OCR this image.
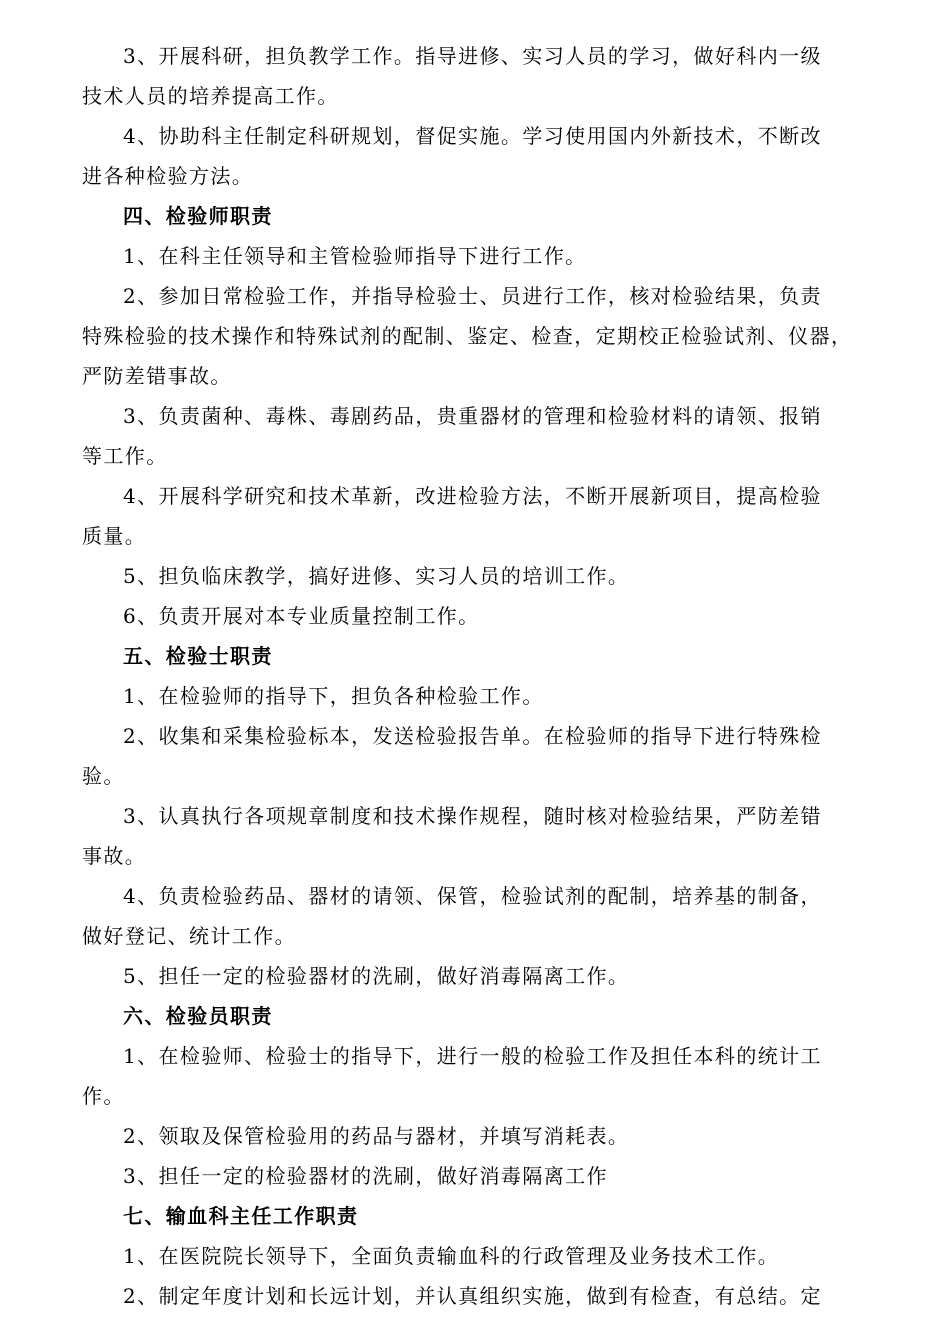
3、开展科研，担负教学工作。指导进修、实习人员的学习，做好科内一级
技术人员的培养提高工作。
4、协助科主任制定科研规划，督促实施。学习使用国内外新技术，不断改
进各种检验方法。
四、检验师职责
1、在科主任领导和主管检验师指导下进行工作。
2、参加日常检验工作，并指导检验士、员进行工作，核对检验结果，负责
特殊检验的技术操作和特殊试剂的配制、鉴定、检查，定期校正检验试剂、仪器，
严防差错事故。
3、负责菌种、毒株、毒剧药品，贵重器材的管理和检验材料的请领、报销
等工作。
4、开展科学研究和技术革新，改进检验方法，不断开展新项目，提高检验
质量。
5、担负临床教学，搞好进修、实习人员的培训工作。
6、负责开展对本专业质量控制工作。
五、检验士职责
1、在检验师的指导下，担负各种检验工作。
2、收集和采集检验标本，发送检验报告单。在检验师的指导下进行特殊检
验。
3、认真执行各项规章制度和技术操作规程，随时核对检验结果，严防差错
事故。
4、负责检验药品、器材的请领、保管，检验试剂的配制，培养基的制备，
做好登记、统计工作。
5、担任一定的检验器材的洗刷，做好消毒隔离工作。
六、检验员职责
1、在检验师、检验士的指导下，进行一般的检验工作及担任本科的统计工
作。
2、领取及保管检验用的药品与器材，并填写消耗表。
3、担任一定的检验器材的洗刷，做好消毒隔离工作
七、输血科主任工作职责
1、在医院院长领导下，全面负责输血科的行政管理及业务技术工作。
2、制定年度计划和长远计划，并认真组织实施，做到有检查，有总结。定
